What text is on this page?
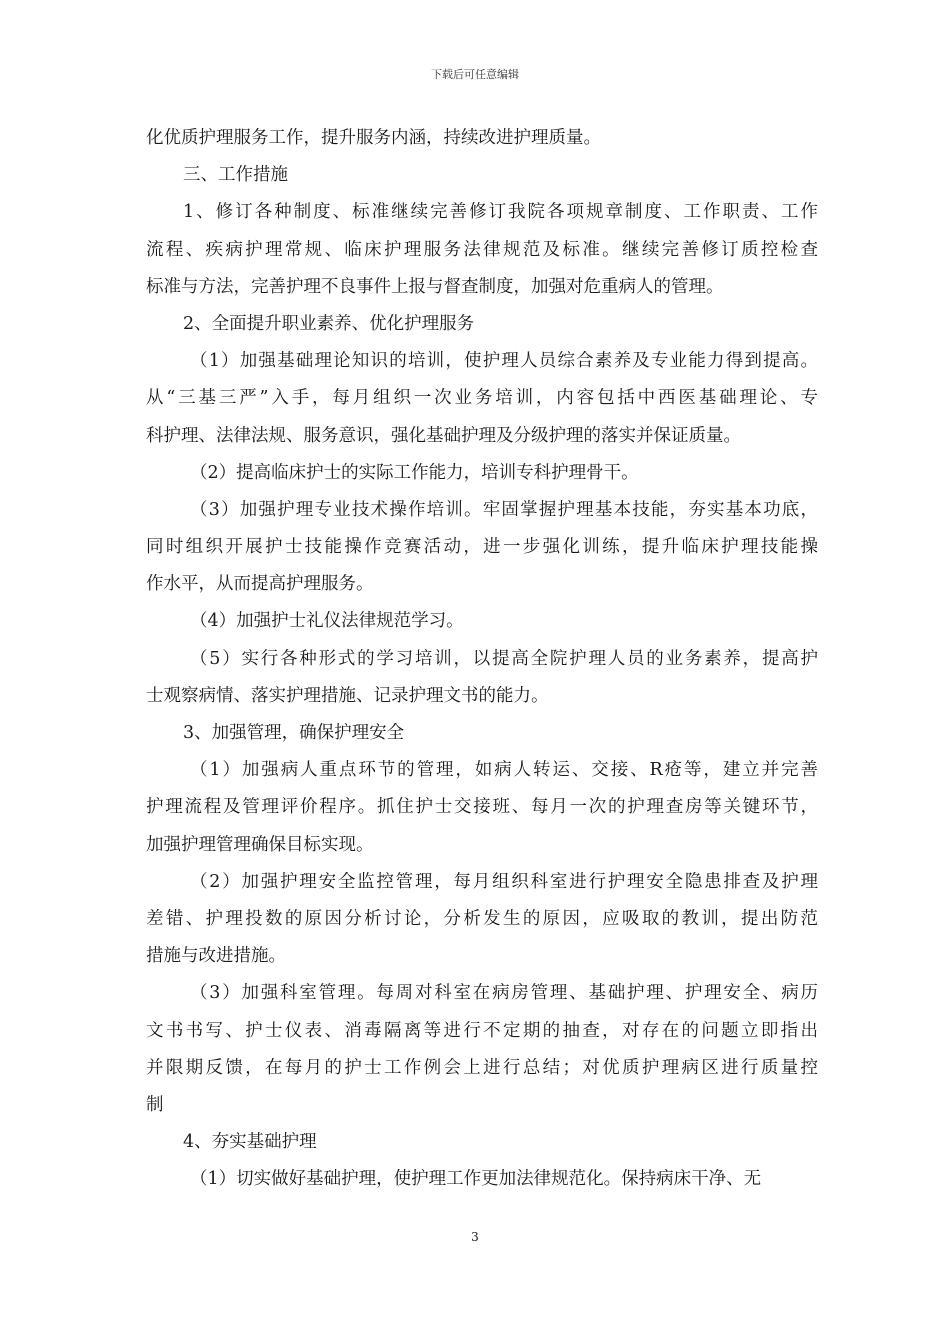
下载后可任意编辑
化优质护理服务工作，提升服务内涵，持续改进护理质量。
三、工作措施
1、修订各种制度、标准继续完善修订我院各项规章制度、工作职责、工作
流程、疾病护理常规、临床护理服务法律规范及标准。继续完善修订质控检查
标准与方法，完善护理不良事件上报与督查制度，加强对危重病人的管理。
2、全面提升职业素养、优化护理服务
（1）加强基础理论知识的培训，使护理人员综合素养及专业能力得到提高。
从“三基三严”入手，每月组织一次业务培训，内容包括中西医基础理论、专
科护理、法律法规、服务意识，强化基础护理及分级护理的落实并保证质量。
（2）提高临床护士的实际工作能力，培训专科护理骨干。
（3）加强护理专业技术操作培训。牢固掌握护理基本技能，夯实基本功底，
同时组织开展护士技能操作竞赛活动，进一步强化训练，提升临床护理技能操
作水平，从而提高护理服务。
（4）加强护士礼仪法律规范学习。
（5）实行各种形式的学习培训，以提高全院护理人员的业务素养，提高护
士观察病情、落实护理措施、记录护理文书的能力。
3、加强管理，确保护理安全
（1）加强病人重点环节的管理，如病人转运、交接、R疮等，建立并完善
护理流程及管理评价程序。抓住护士交接班、每月一次的护理查房等关键环节，
加强护理管理确保目标实现。
（2）加强护理安全监控管理，每月组织科室进行护理安全隐患排查及护理
差错、护理投数的原因分析讨论，分析发生的原因，应吸取的教训，提出防范
措施与改进措施。
（3）加强科室管理。每周对科室在病房管理、基础护理、护理安全、病历
文书书写、护士仪表、消毒隔离等进行不定期的抽查，对存在的问题立即指出
并限期反馈，在每月的护士工作例会上进行总结；对优质护理病区进行质量控
制
4、夯实基础护理
（1）切实做好基础护理，使护理工作更加法律规范化。保持病床干净、无
3
